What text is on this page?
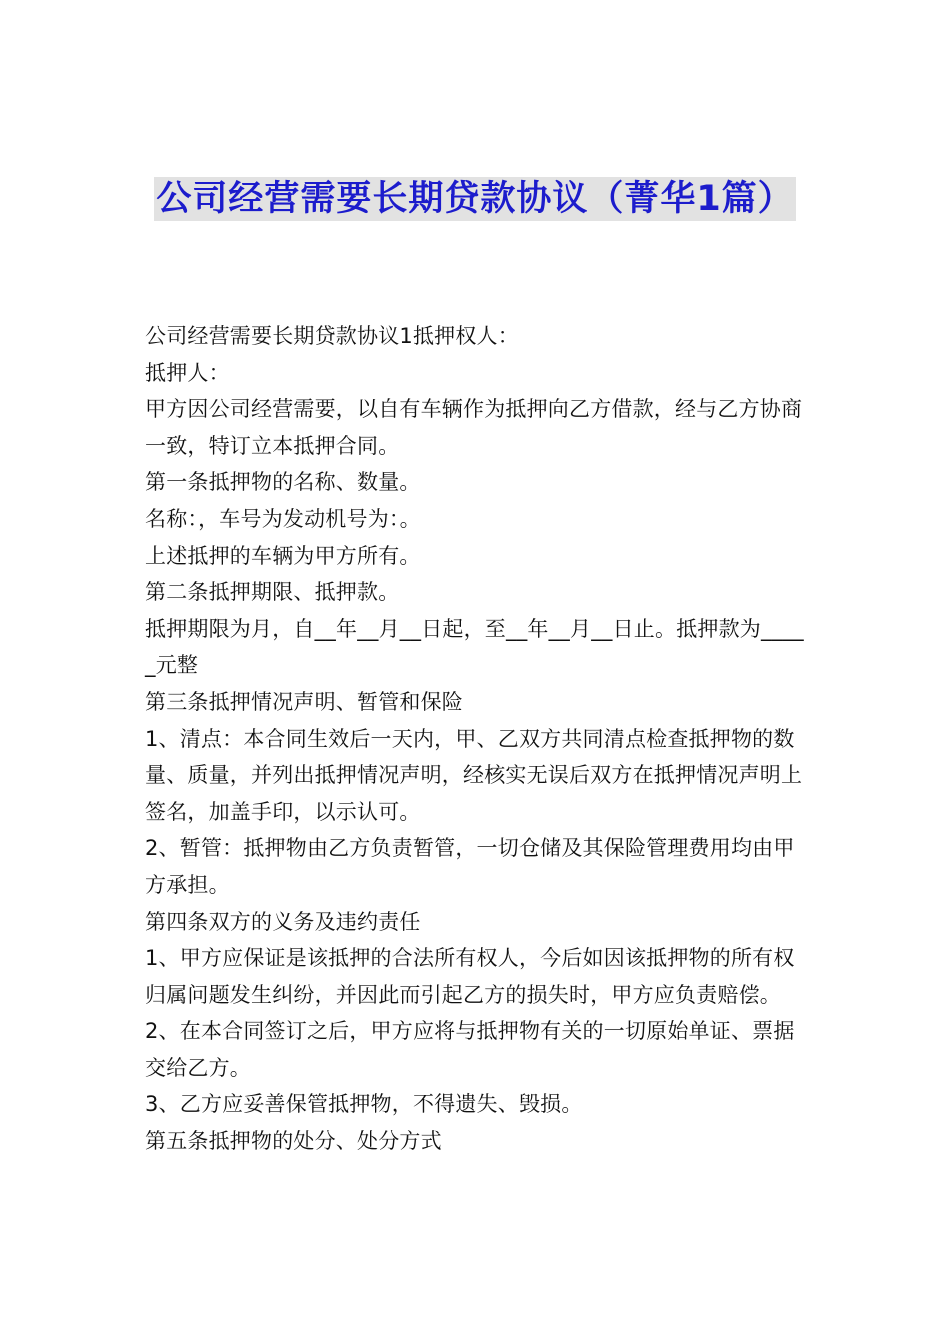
公司经营需要长期贷款协议（菁华1篇）

公司经营需要长期贷款协议1抵押权人：

抵押人：

甲方因公司经营需要，以自有车辆作为抵押向乙方借款，经与乙方协商一致，特订立本抵押合同。

第一条抵押物的名称、数量。

名称：，车号为发动机号为：。

上述抵押的车辆为甲方所有。

第二条抵押期限、抵押款。

抵押期限为月，自__年__月__日起，至__年__月__日止。抵押款为_____元整

第三条抵押情况声明、暂管和保险

1、清点：本合同生效后一天内，甲、乙双方共同清点检查抵押物的数量、质量，并列出抵押情况声明，经核实无误后双方在抵押情况声明上签名，加盖手印，以示认可。

2、暂管：抵押物由乙方负责暂管，一切仓储及其保险管理费用均由甲方承担。

第四条双方的义务及违约责任

1、甲方应保证是该抵押的合法所有权人，今后如因该抵押物的所有权归属问题发生纠纷，并因此而引起乙方的损失时，甲方应负责赔偿。

2、在本合同签订之后，甲方应将与抵押物有关的一切原始单证、票据交给乙方。

3、乙方应妥善保管抵押物，不得遗失、毁损。

第五条抵押物的处分、处分方式
